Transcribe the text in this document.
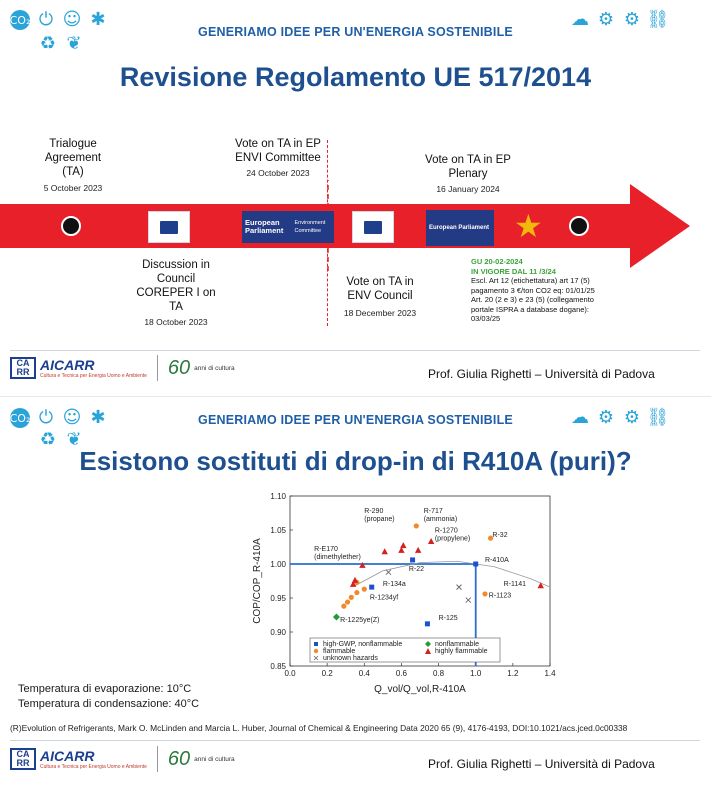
CO₂ ⏻ ☺ ✱
♻ ❦
☁ ⚙ ⚙ ⛓
GENERIAMO IDEE PER UN'ENERGIA SOSTENIBILE
Revisione Regolamento UE 517/2014
European Parliament
Environment Committee	European Parliament ★
Trialogue Agreement (TA)
5 October 2023
Vote on TA in EP ENVI Committee
24 October 2023
Vote on TA in EP Plenary
16 January 2024
Discussion in Council COREPER I on TA
18 October 2023
Vote on TA in ENV Council
18 December 2023
GU 20-02-2024
IN VIGORE DAL 11 /3/24
Escl. Art 12 (etichettatura) art 17 (5)
pagamento 3 €/ton CO2 eq: 01/01/25
Art. 20 (2 e 3) e 23 (5) (collegamento
portale ISPRA a database dogane):
03/03/25
CA RR AICARR
Cultura e Tecnica per Energia Uomo e Ambiente 60 anni di cultura	Prof. Giulia Righetti – Università di Padova
CO₂ ⏻ ☺ ✱
♻ ❦
☁ ⚙ ⚙ ⛓
GENERIAMO IDEE PER UN'ENERGIA SOSTENIBILE
Esistono sostituti di drop-in di R410A (puri)?
0.0	0.2	0.4	0.6	0.8	1.0	1.2	1.4
0.85
0.90
0.95
1.00
1.05
1.10
Q_vol/Q_vol,R-410A
COP/COP_R-410A
R-717
(ammonia)
R-290
(propane)
R-32
R-1270
(propylene)
R-E170
(dimethylether)	R-410A
R-22
R-134a
R-1234yf
R-1141
R-1123
R-125
R-1225ye(Z)
high-GWP, nonflammable	nonflammable
flammable	highly flammable
unknown hazards
Temperatura di evaporazione: 10°C
Temperatura di condensazione: 40°C
(R)Evolution of Refrigerants, Mark O. McLinden and Marcia L. Huber, Journal of Chemical & Engineering Data 2020 65 (9), 4176-4193, DOI:10.1021/acs.jced.0c00338
CA RR AICARR
Cultura e Tecnica per Energia Uomo e Ambiente 60 anni di cultura	Prof. Giulia Righetti – Università di Padova
